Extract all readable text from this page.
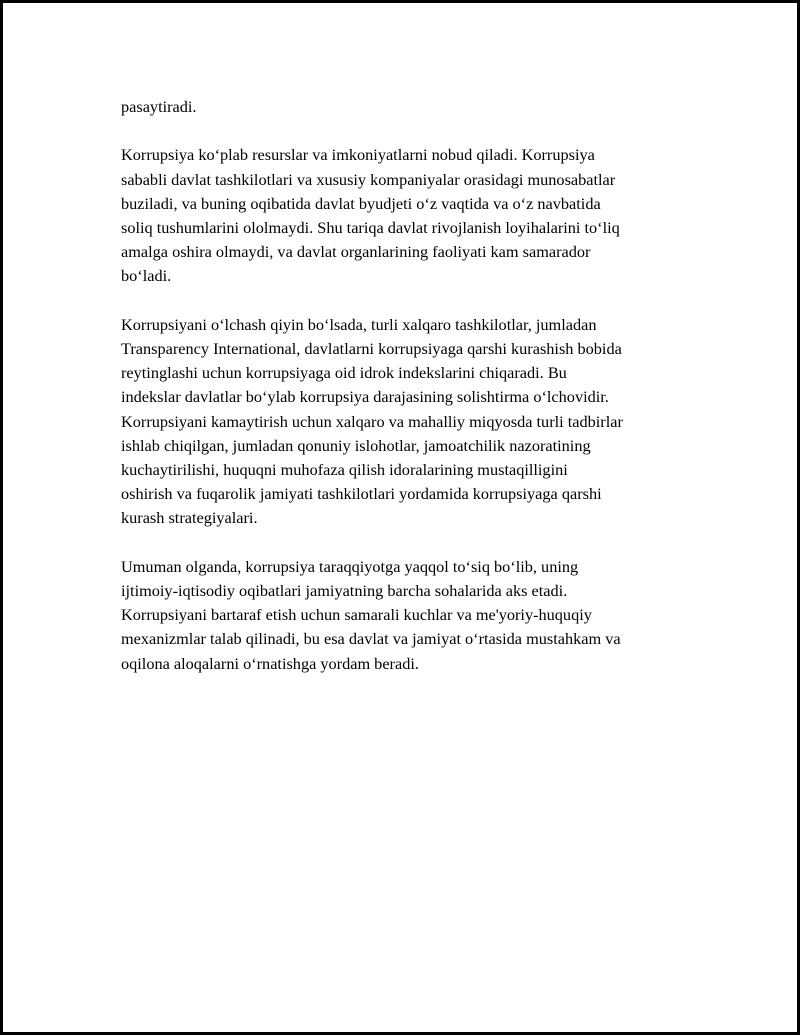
pasaytiradi.

Korrupsiya ko‘plab resurslar va imkoniyatlarni nobud qiladi. Korrupsiya
sababli davlat tashkilotlari va xususiy kompaniyalar orasidagi munosabatlar
buziladi, va buning oqibatida davlat byudjeti o‘z vaqtida va o‘z navbatida
soliq tushumlarini ololmaydi. Shu tariqa davlat rivojlanish loyihalarini to‘liq
amalga oshira olmaydi, va davlat organlarining faoliyati kam samarador
bo‘ladi.

Korrupsiyani o‘lchash qiyin bo‘lsada, turli xalqaro tashkilotlar, jumladan
Transparency International, davlatlarni korrupsiyaga qarshi kurashish bobida
reytinglashi uchun korrupsiyaga oid idrok indekslarini chiqaradi. Bu
indekslar davlatlar bo‘ylab korrupsiya darajasining solishtirma o‘lchovidir.
Korrupsiyani kamaytirish uchun xalqaro va mahalliy miqyosda turli tadbirlar
ishlab chiqilgan, jumladan qonuniy islohotlar, jamoatchilik nazoratining
kuchaytirilishi, huquqni muhofaza qilish idoralarining mustaqilligini
oshirish va fuqarolik jamiyati tashkilotlari yordamida korrupsiyaga qarshi
kurash strategiyalari.

Umuman olganda, korrupsiya taraqqiyotga yaqqol to‘siq bo‘lib, uning
ijtimoiy-iqtisodiy oqibatlari jamiyatning barcha sohalarida aks etadi.
Korrupsiyani bartaraf etish uchun samarali kuchlar va me'yoriy-huquqiy
mexanizmlar talab qilinadi, bu esa davlat va jamiyat o‘rtasida mustahkam va
oqilona aloqalarni o‘rnatishga yordam beradi.
